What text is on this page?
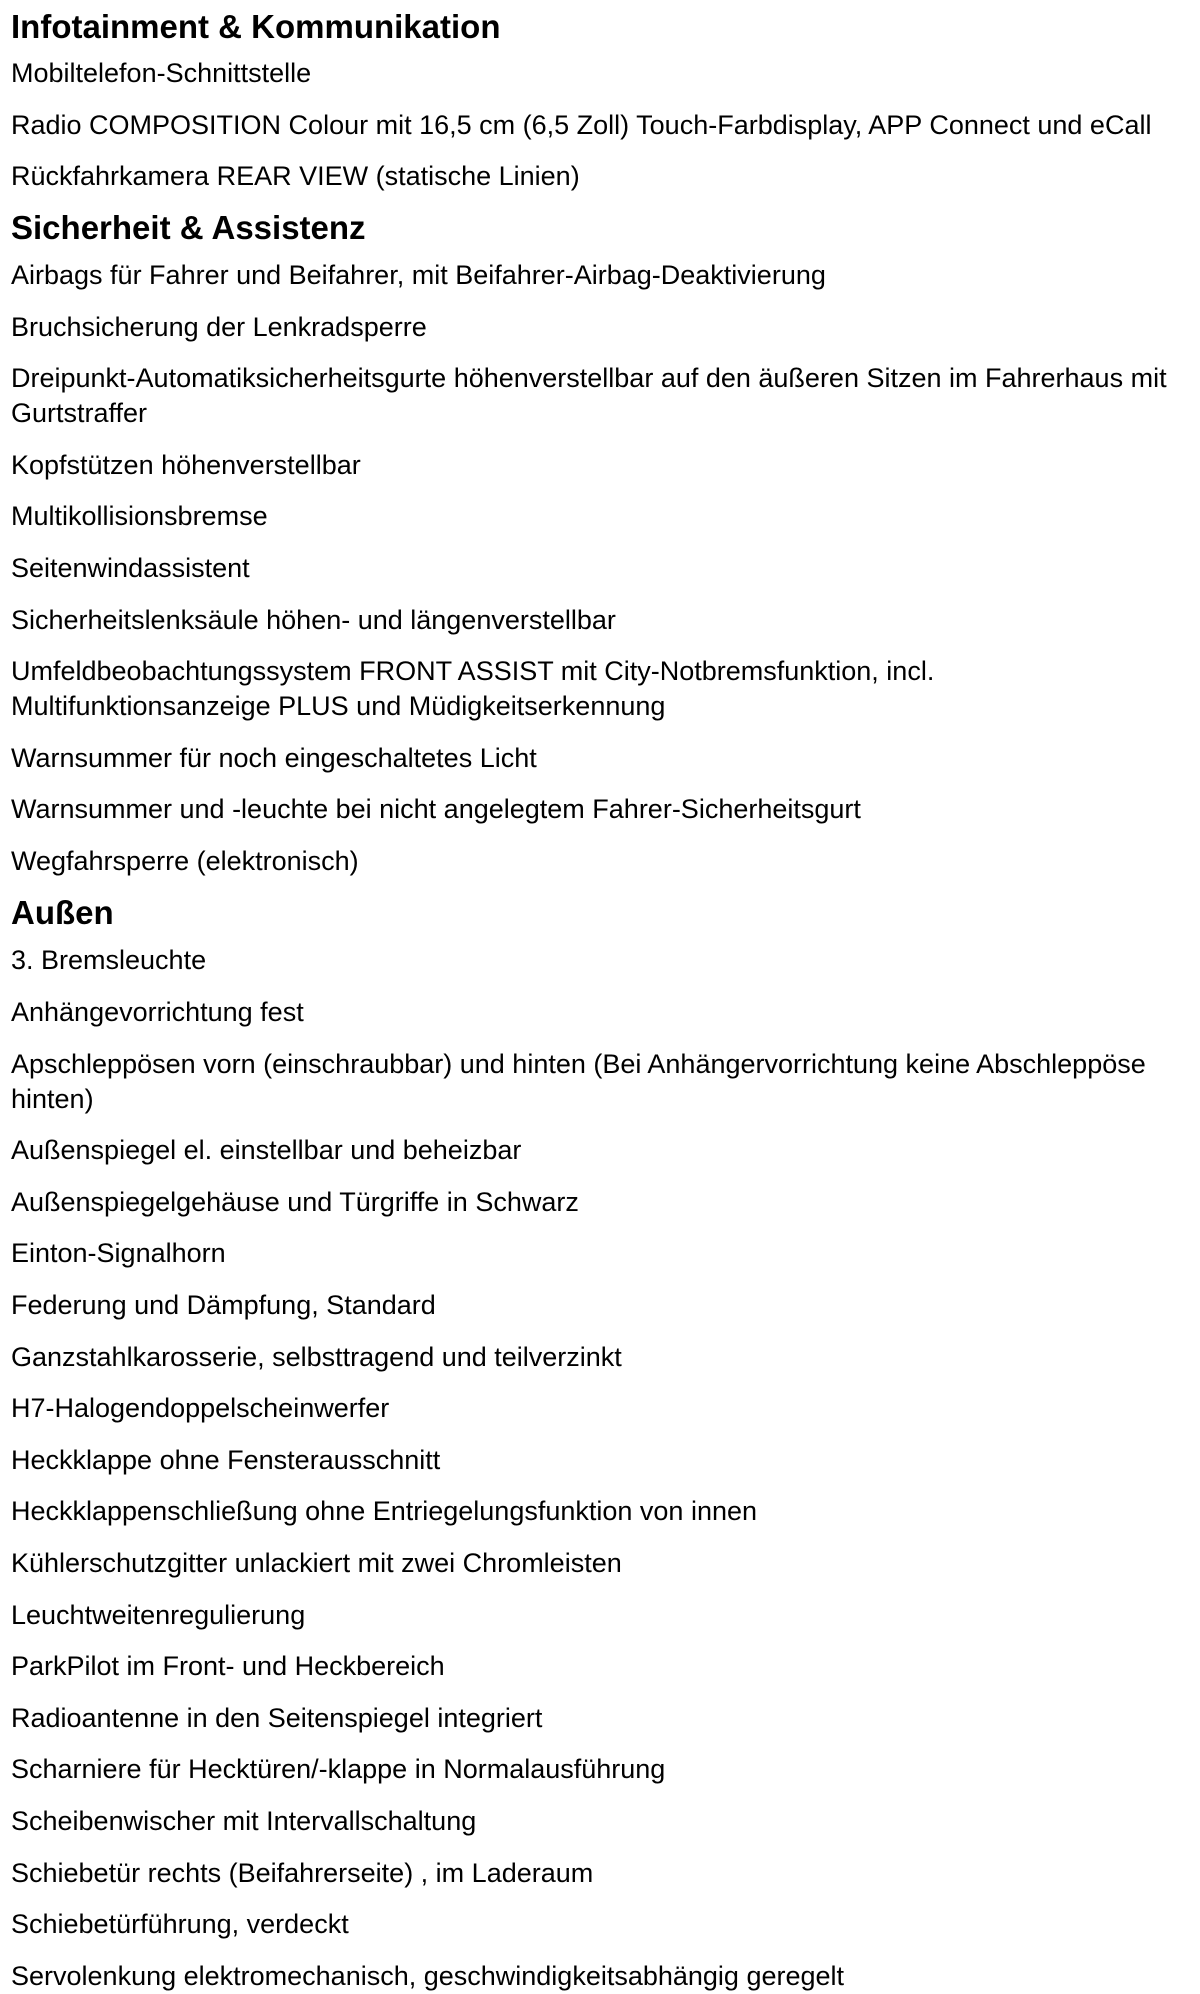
Infotainment & Kommunikation

Mobiltelefon-Schnittstelle

Radio COMPOSITION Colour mit 16,5 cm (6,5 Zoll) Touch-Farbdisplay, APP Connect und eCall

Rückfahrkamera REAR VIEW (statische Linien)

Sicherheit & Assistenz

Airbags für Fahrer und Beifahrer, mit Beifahrer-Airbag-Deaktivierung

Bruchsicherung der Lenkradsperre

Dreipunkt-Automatiksicherheitsgurte höhenverstellbar auf den äußeren Sitzen im Fahrerhaus mit Gurtstraffer

Kopfstützen höhenverstellbar

Multikollisionsbremse

Seitenwindassistent

Sicherheitslenksäule höhen- und längenverstellbar

Umfeldbeobachtungssystem FRONT ASSIST mit City-Notbremsfunktion, incl. Multifunktionsanzeige PLUS und Müdigkeitserkennung

Warnsummer für noch eingeschaltetes Licht

Warnsummer und -leuchte bei nicht angelegtem Fahrer-Sicherheitsgurt

Wegfahrsperre (elektronisch)

Außen

3. Bremsleuchte

Anhängevorrichtung fest

Apschleppösen vorn (einschraubbar) und hinten (Bei Anhängervorrichtung keine Abschleppöse hinten)

Außenspiegel el. einstellbar und beheizbar

Außenspiegelgehäuse und Türgriffe in Schwarz

Einton-Signalhorn

Federung und Dämpfung, Standard

Ganzstahlkarosserie, selbsttragend und teilverzinkt

H7-Halogendoppelscheinwerfer

Heckklappe ohne Fensterausschnitt

Heckklappenschließung ohne Entriegelungsfunktion von innen

Kühlerschutzgitter unlackiert mit zwei Chromleisten

Leuchtweitenregulierung

ParkPilot im Front- und Heckbereich

Radioantenne in den Seitenspiegel integriert

Scharniere für Hecktüren/-klappe in Normalausführung

Scheibenwischer mit Intervallschaltung

Schiebetür rechts (Beifahrerseite) , im Laderaum

Schiebetürführung, verdeckt

Servolenkung elektromechanisch, geschwindigkeitsabhängig geregelt
